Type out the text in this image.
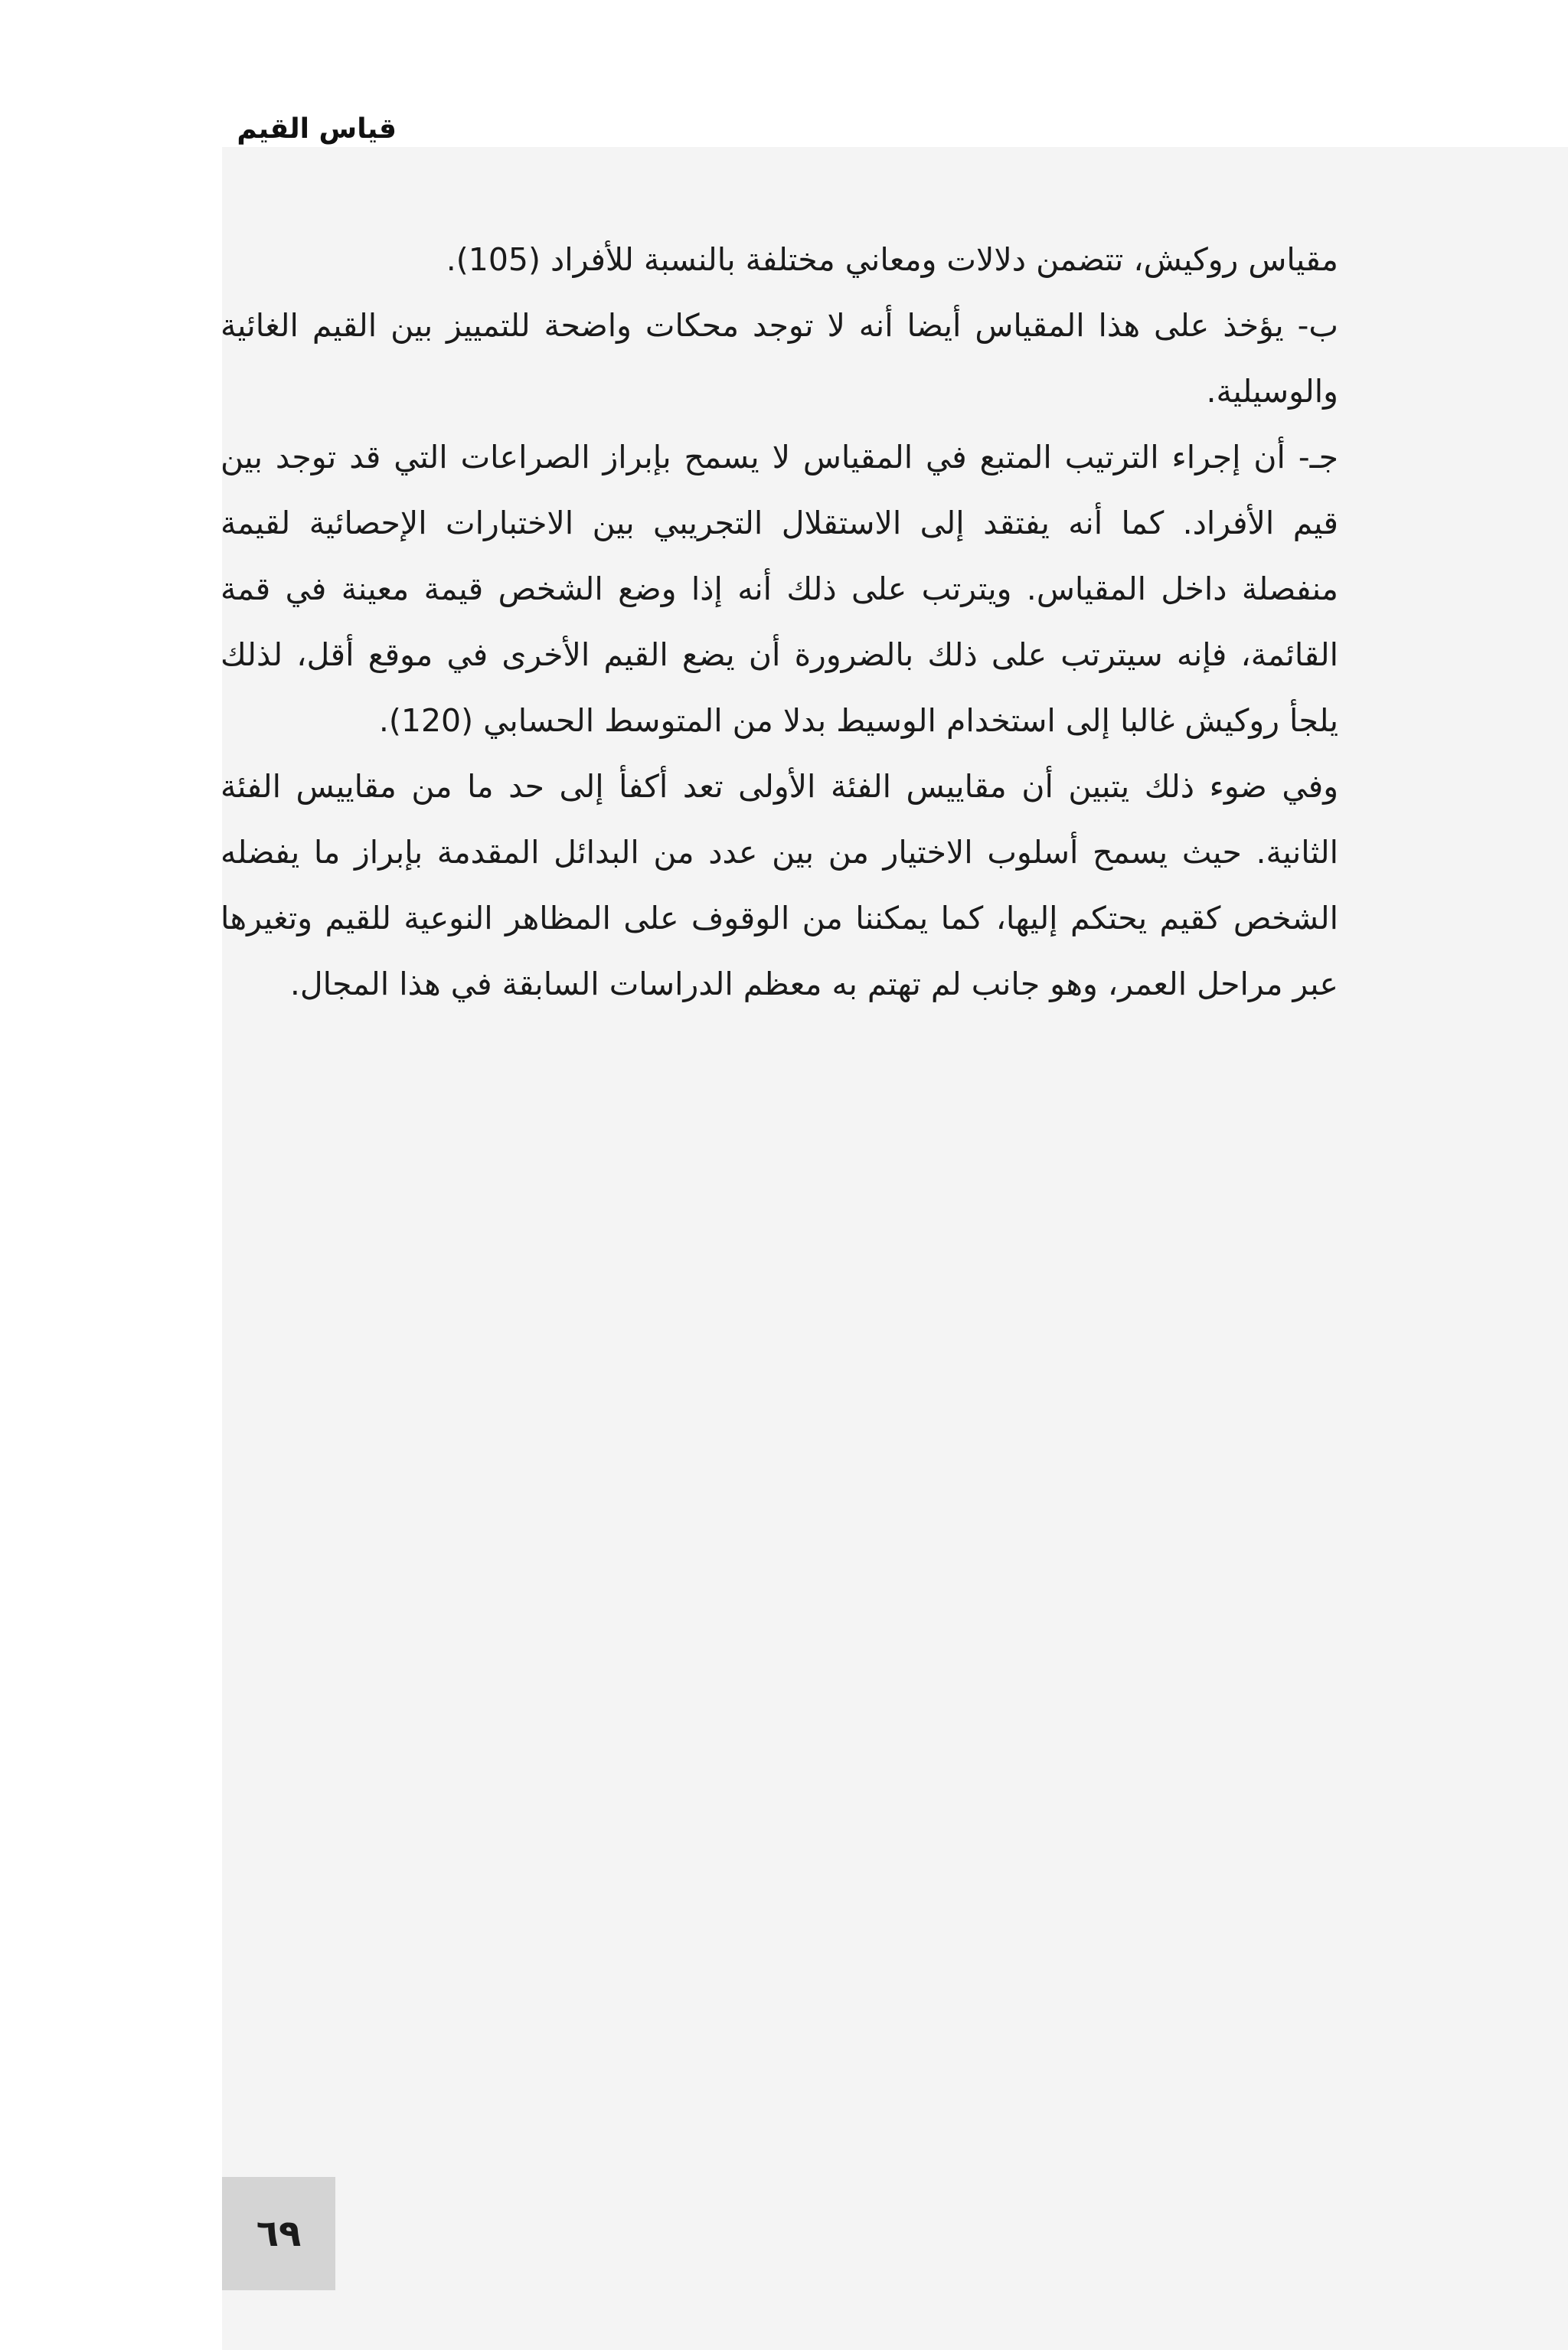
قياس القيم

مقياس روكيش، تتضمن دلالات ومعاني مختلفة بالنسبة للأفراد (105).

ب- يؤخذ على هذا المقياس أيضا أنه لا توجد محكات واضحة للتمييز بين القيم الغائية والوسيلية.

جـ- أن إجراء الترتيب المتبع في المقياس لا يسمح بإبراز الصراعات التي قد توجد بين قيم الأفراد. كما أنه يفتقد إلى الاستقلال التجريبي بين الاختبارات الإحصائية لقيمة منفصلة داخل المقياس. ويترتب على ذلك أنه إذا وضع الشخص قيمة معينة في قمة القائمة، فإنه سيترتب على ذلك بالضرورة أن يضع القيم الأخرى في موقع أقل، لذلك يلجأ روكيش غالبا إلى استخدام الوسيط بدلا من المتوسط الحسابي (120).

وفي ضوء ذلك يتبين أن مقاييس الفئة الأولى تعد أكفأ إلى حد ما من مقاييس الفئة الثانية. حيث يسمح أسلوب الاختيار من بين عدد من البدائل المقدمة بإبراز ما يفضله الشخص كقيم يحتكم إليها، كما يمكننا من الوقوف على المظاهر النوعية للقيم وتغيرها عبر مراحل العمر، وهو جانب لم تهتم به معظم الدراسات السابقة في هذا المجال.

٦٩
